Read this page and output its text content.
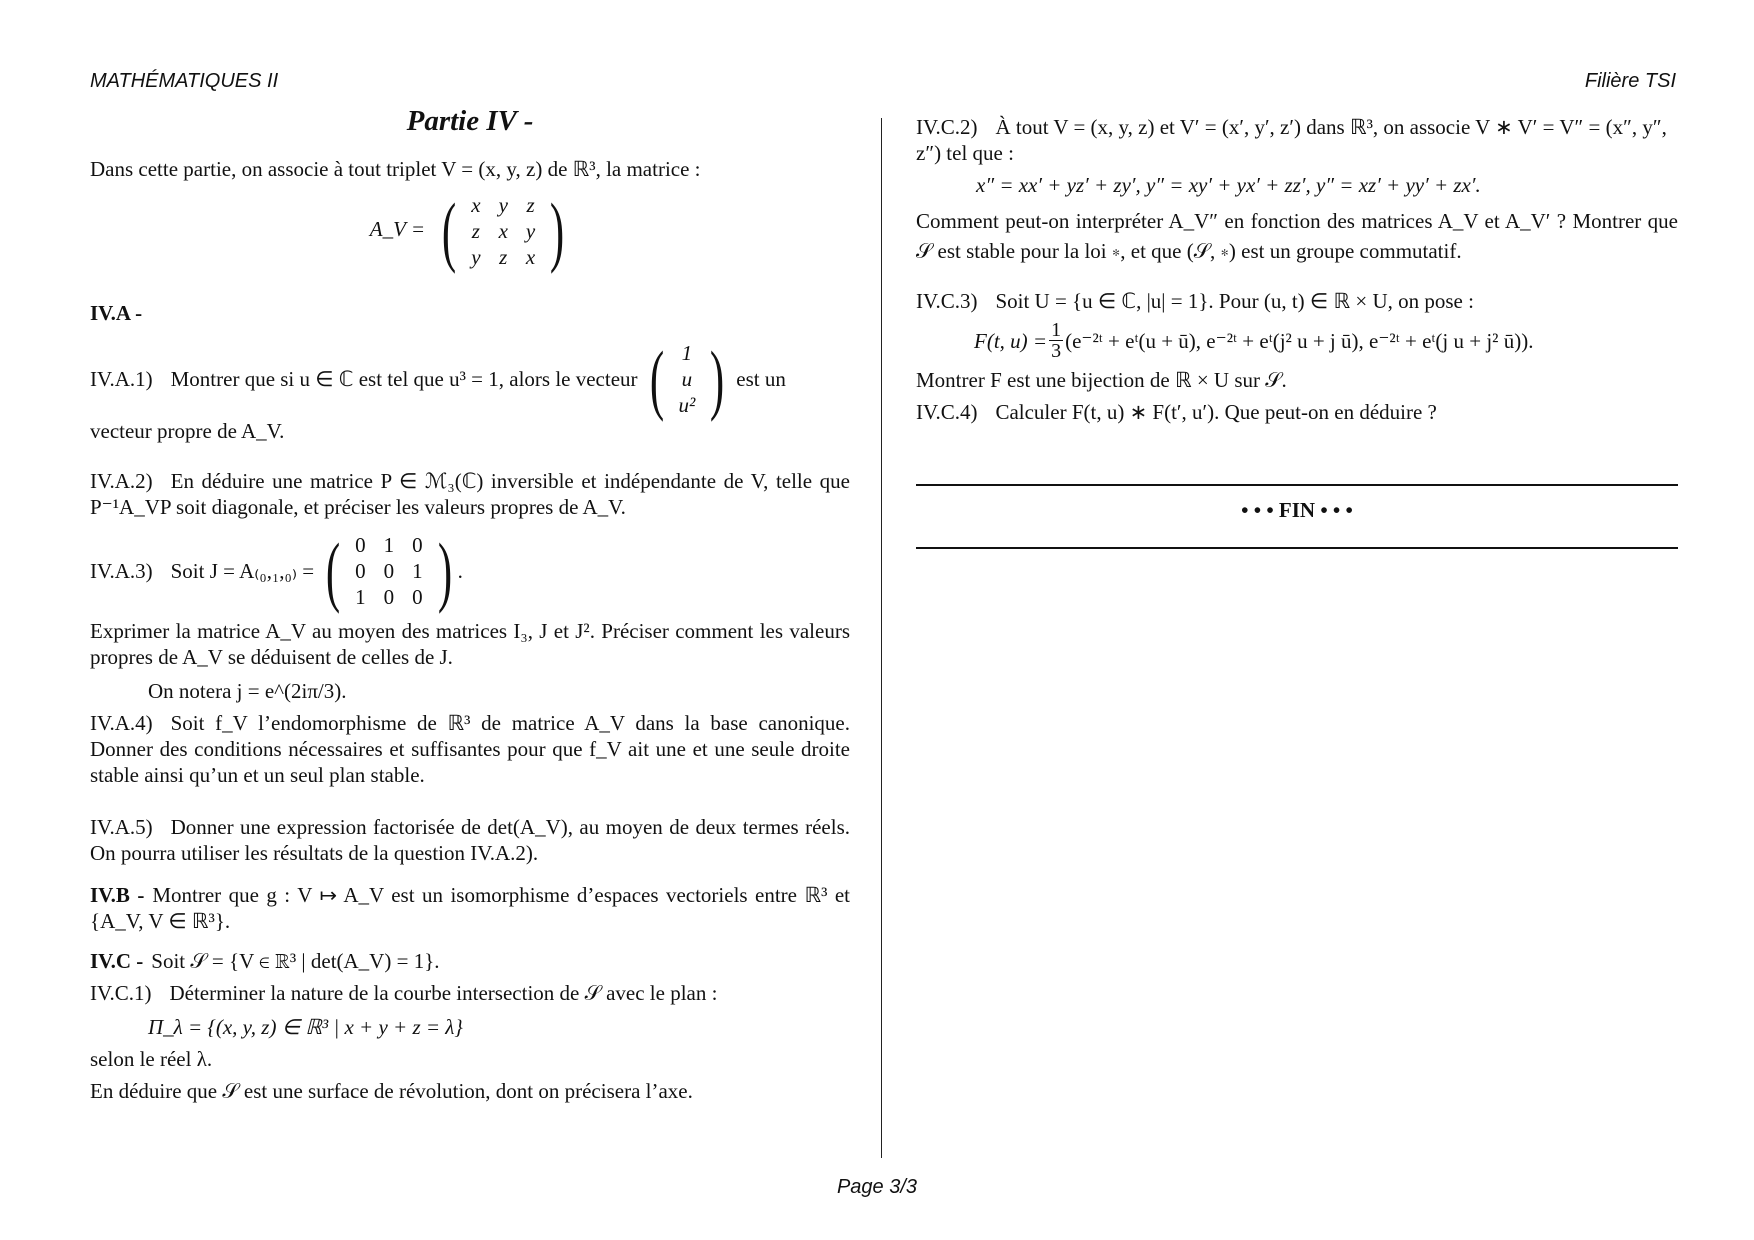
MATHÉMATIQUES II	Filière TSI
Partie IV -

Dans cette partie, on associe à tout triplet V = (x, y, z) de ℝ³, la matrice :

A_V = ( x	y	z
z	x	y
y	z	x )

IV.A -

IV.A.1) Montrer que si u ∈ ℂ est tel que u³ = 1, alors le vecteur ( 1
u
u² ) est un

vecteur propre de A_V.

IV.A.2) En déduire une matrice P ∈ ℳ₃(ℂ) inversible et indépendante de V, telle que P⁻¹A_VP soit diagonale, et préciser les valeurs propres de A_V.

IV.A.3) Soit J = A₍₀,₁,₀₎ = ( 0	1	0
0	0	1
1	0	0 ) .

Exprimer la matrice A_V au moyen des matrices I₃, J et J². Préciser comment les valeurs propres de A_V se déduisent de celles de J.

On notera j = e^(2iπ/3).

IV.A.4) Soit f_V l’endomorphisme de ℝ³ de matrice A_V dans la base canonique. Donner des conditions nécessaires et suffisantes pour que f_V ait une et une seule droite stable ainsi qu’un et un seul plan stable.

IV.A.5) Donner une expression factorisée de det(A_V), au moyen de deux termes réels. On pourra utiliser les résultats de la question IV.A.2).

IV.B - Montrer que g : V ↦ A_V est un isomorphisme d’espaces vectoriels entre ℝ³ et {A_V, V ∈ ℝ³}.

IV.C - Soit 𝒮 = {V ∈ ℝ³ | det(A_V) = 1}.

IV.C.1) Déterminer la nature de la courbe intersection de 𝒮 avec le plan :

Π_λ = {(x, y, z) ∈ ℝ³ | x + y + z = λ}

selon le réel λ.

En déduire que 𝒮 est une surface de révolution, dont on précisera l’axe.

IV.C.2) À tout V = (x, y, z) et V′ = (x′, y′, z′) dans ℝ³, on associe V ∗ V′ = V″ = (x″, y″, z″) tel que :

x″ = xx′ + yz′ + zy′, y″ = xy′ + yx′ + zz′, y″ = xz′ + yy′ + zx′.

Comment peut-on interpréter A_V″ en fonction des matrices A_V et A_V′ ? Montrer que 𝒮 est stable pour la loi ∗, et que (𝒮, ∗) est un groupe commutatif.

IV.C.3) Soit U = {u ∈ ℂ, |u| = 1}. Pour (u, t) ∈ ℝ × U, on pose :

F(t, $u) = \frac{1}{3}$ (e⁻²ᵗ + eᵗ(u + ū), e⁻²ᵗ + eᵗ(j² u + j ū), e⁻²ᵗ + eᵗ(j u + j² ū)).

Montrer F est une bijection de ℝ × U sur 𝒮.

IV.C.4) Calculer F(t, u) ∗ F(t′, u′). Que peut-on en déduire ?

• • • FIN • • •
Page 3/3
